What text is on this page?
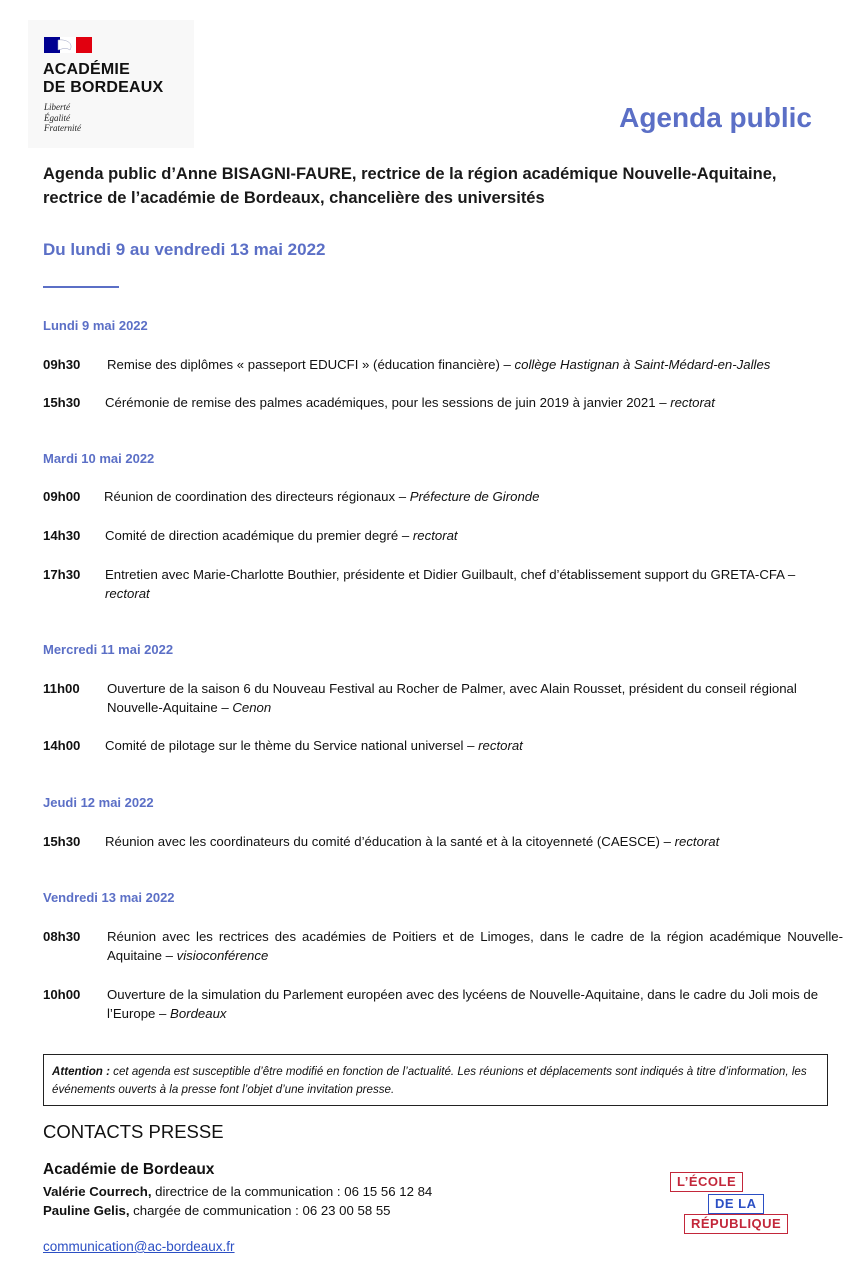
ACADÉMIE
DE BORDEAUX
Liberté
Égalité
Fraternité	Agenda public
Agenda public d’Anne BISAGNI-FAURE, rectrice de la région académique Nouvelle-Aquitaine, rectrice de l’académie de Bordeaux, chancelière des universités
Du lundi 9 au vendredi 13 mai 2022
Lundi 9 mai 2022
09h30 Remise des diplômes « passeport EDUCFI » (éducation financière) – collège Hastignan à Saint-Médard-en-Jalles
15h30 Cérémonie de remise des palmes académiques, pour les sessions de juin 2019 à janvier 2021 – rectorat
Mardi 10 mai 2022
09h00 Réunion de coordination des directeurs régionaux – Préfecture de Gironde
14h30 Comité de direction académique du premier degré – rectorat
17h30 Entretien avec Marie-Charlotte Bouthier, présidente et Didier Guilbault, chef d’établissement support du GRETA-CFA – rectorat
Mercredi 11 mai 2022
11h00 Ouverture de la saison 6 du Nouveau Festival au Rocher de Palmer, avec Alain Rousset, président du conseil régional Nouvelle-Aquitaine – Cenon
14h00 Comité de pilotage sur le thème du Service national universel – rectorat
Jeudi 12 mai 2022
15h30 Réunion avec les coordinateurs du comité d’éducation à la santé et à la citoyenneté (CAESCE) – rectorat
Vendredi 13 mai 2022
08h30 Réunion avec les rectrices des académies de Poitiers et de Limoges, dans le cadre de la région académique Nouvelle-Aquitaine – visioconférence
10h00 Ouverture de la simulation du Parlement européen avec des lycéens de Nouvelle-Aquitaine, dans le cadre du Joli mois de l’Europe – Bordeaux
Attention : cet agenda est susceptible d’être modifié en fonction de l’actualité. Les réunions et déplacements sont indiqués à titre d’information, les événements ouverts à la presse font l’objet d’une invitation presse.
CONTACTS PRESSE
Académie de Bordeaux
Valérie Courrech, directrice de la communication : 06 15 56 12 84
Pauline Gelis, chargée de communication : 06 23 00 58 55
communication@ac-bordeaux.fr
L’ÉCOLE
DE LA
RÉPUBLIQUE
